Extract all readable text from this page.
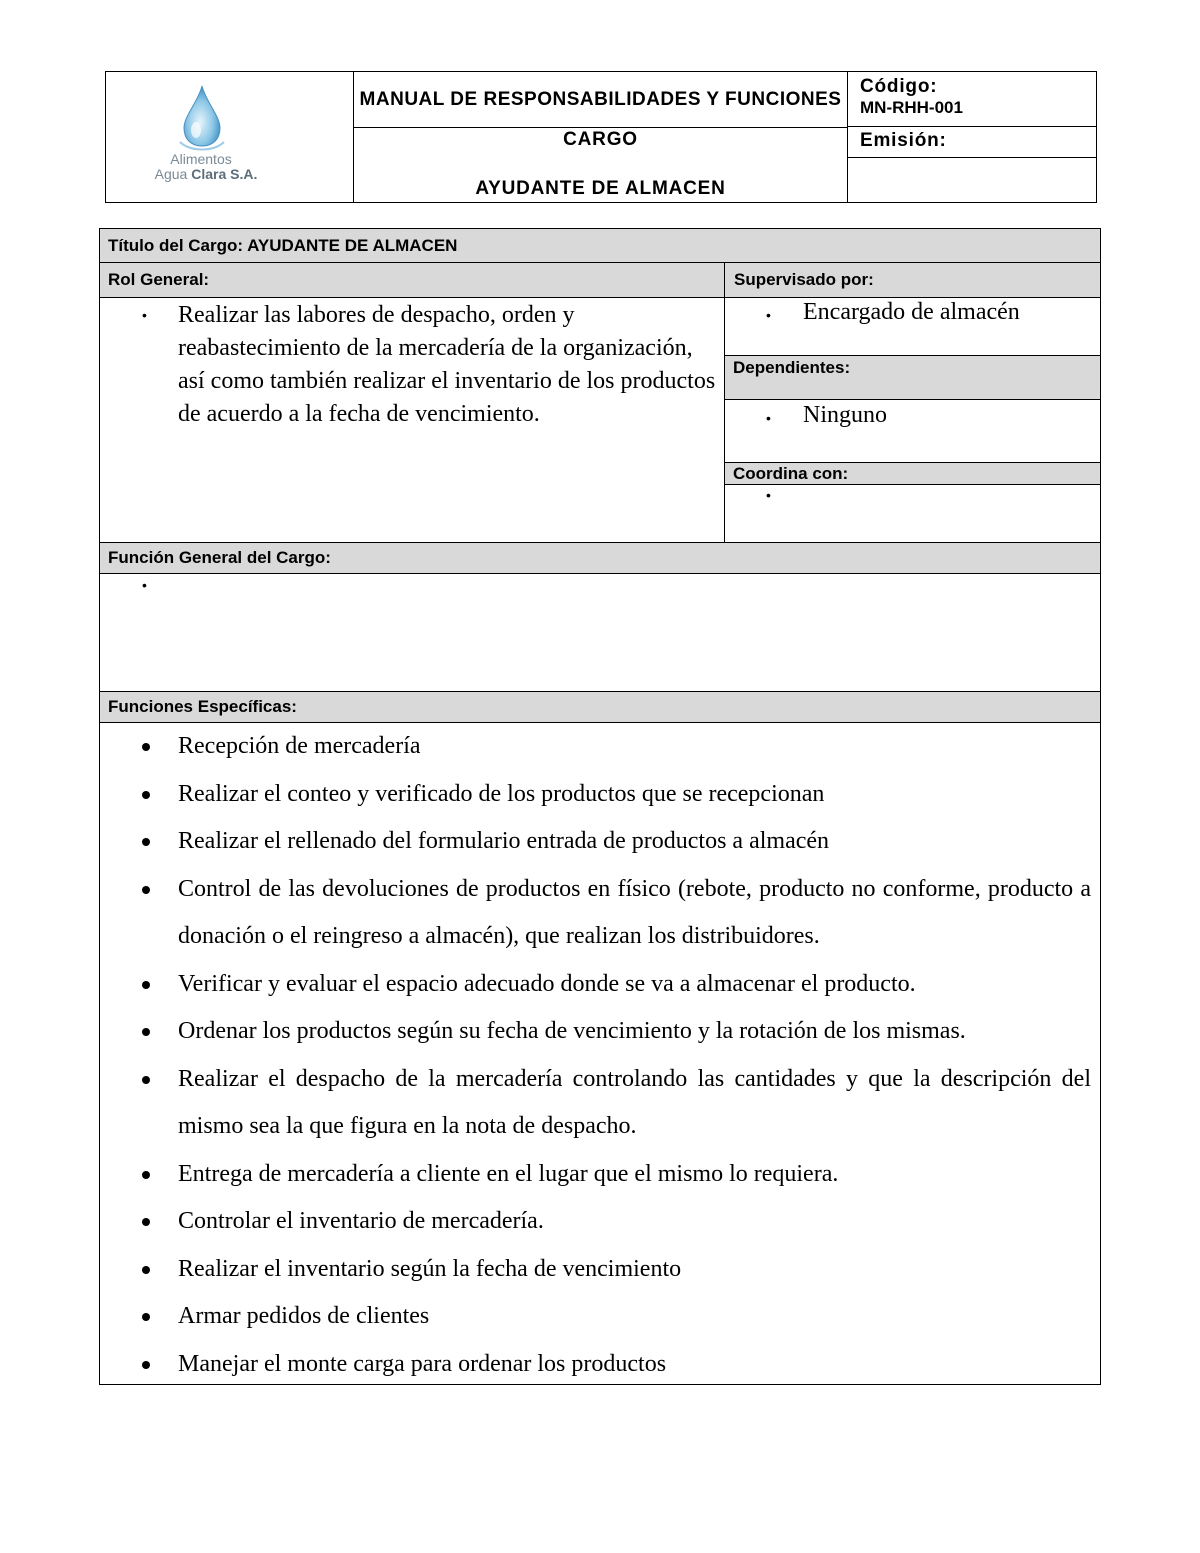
Alimentos
Agua Clara S.A.
MANUAL DE RESPONSABILIDADES Y FUNCIONES
CARGO
AYUDANTE DE ALMACEN
Código:
MN-RHH-001
Emisión:
Título del Cargo: AYUDANTE DE ALMACEN
Rol General:	Supervisado por:
• Realizar las labores de despacho, orden y reabastecimiento de la mercadería de la organización, así como también realizar el inventario de los productos de acuerdo a la fecha de vencimiento.
• Encargado de almacén
Dependientes:
• Ninguno
Coordina con:
•
Función General del Cargo:
•
Funciones Específicas:
Recepción de mercadería
Realizar el conteo y verificado de los productos que se recepcionan
Realizar el rellenado del formulario entrada de productos a almacén
Control de las devoluciones de productos en físico (rebote, producto no conforme, producto a donación o el reingreso a almacén), que realizan los distribuidores.
Verificar y evaluar el espacio adecuado donde se va a almacenar el producto.
Ordenar los productos según su fecha de vencimiento y la rotación de los mismas.
Realizar el despacho de la mercadería controlando las cantidades y que la descripción del mismo sea la que figura en la nota de despacho.
Entrega de mercadería a cliente en el lugar que el mismo lo requiera.
Controlar el inventario de mercadería.
Realizar el inventario según la fecha de vencimiento
Armar pedidos de clientes
Manejar el monte carga para ordenar los productos
